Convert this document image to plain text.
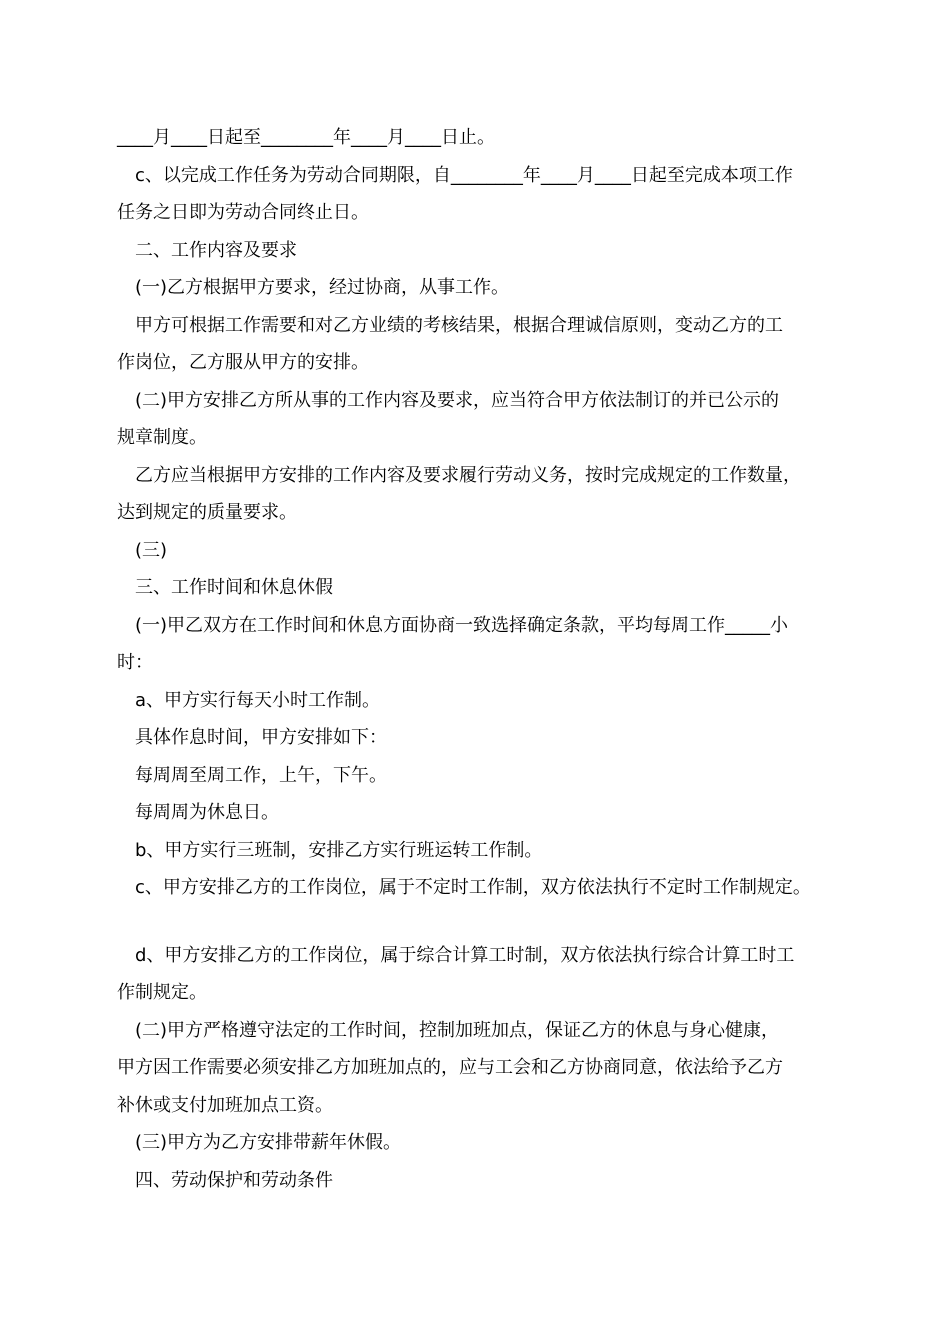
____月____日起至________年____月____日止。

c、以完成工作任务为劳动合同期限，自________年____月____日起至完成本项工作

任务之日即为劳动合同终止日。

二、工作内容及要求

(一)乙方根据甲方要求，经过协商，从事工作。

甲方可根据工作需要和对乙方业绩的考核结果，根据合理诚信原则，变动乙方的工

作岗位，乙方服从甲方的安排。

(二)甲方安排乙方所从事的工作内容及要求，应当符合甲方依法制订的并已公示的

规章制度。

乙方应当根据甲方安排的工作内容及要求履行劳动义务，按时完成规定的工作数量，

达到规定的质量要求。

(三)

三、工作时间和休息休假

(一)甲乙双方在工作时间和休息方面协商一致选择确定条款，平均每周工作_____小

时：

a、甲方实行每天小时工作制。

具体作息时间，甲方安排如下：

每周周至周工作，上午，下午。

每周周为休息日。

b、甲方实行三班制，安排乙方实行班运转工作制。

c、甲方安排乙方的工作岗位，属于不定时工作制，双方依法执行不定时工作制规定。

d、甲方安排乙方的工作岗位，属于综合计算工时制，双方依法执行综合计算工时工

作制规定。

(二)甲方严格遵守法定的工作时间，控制加班加点，保证乙方的休息与身心健康，

甲方因工作需要必须安排乙方加班加点的，应与工会和乙方协商同意，依法给予乙方

补休或支付加班加点工资。

(三)甲方为乙方安排带薪年休假。

四、劳动保护和劳动条件
